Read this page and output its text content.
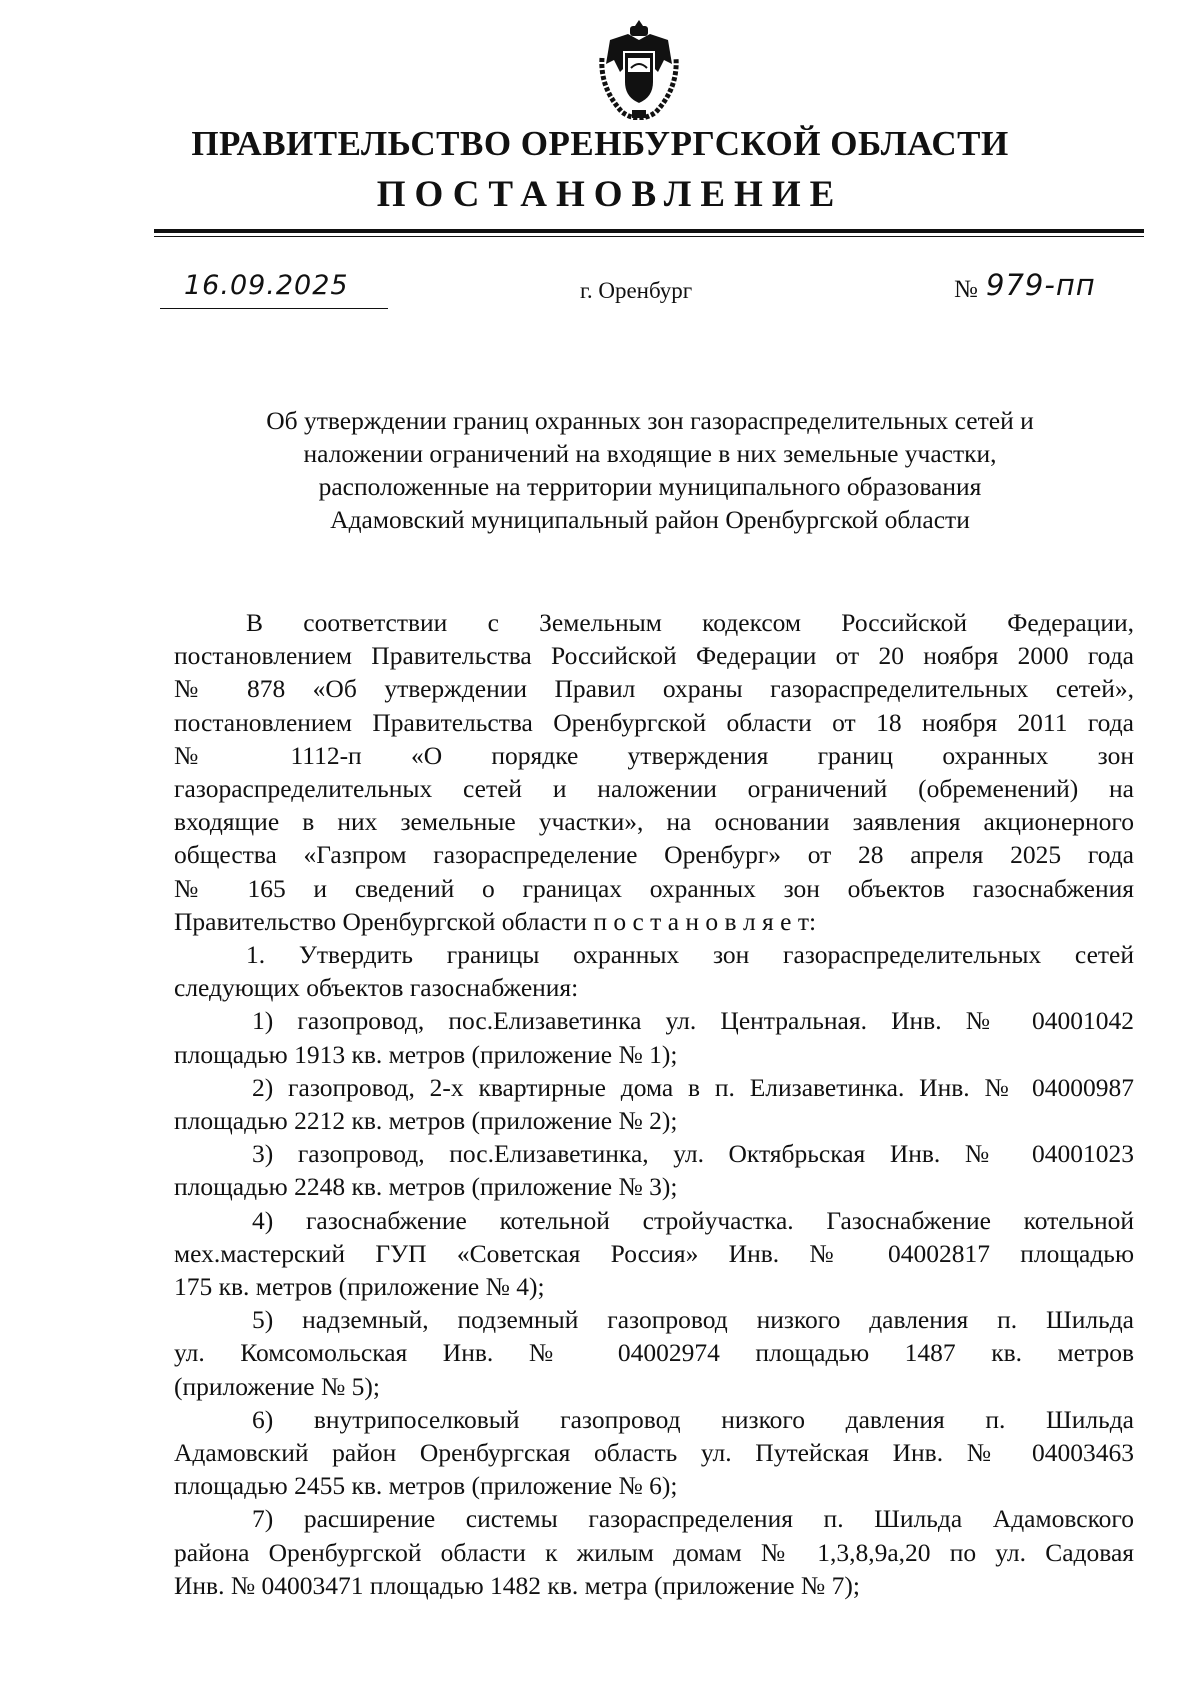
ПРАВИТЕЛЬСТВО ОРЕНБУРГСКОЙ ОБЛАСТИ
ПОСТАНОВЛЕНИЕ
16.09.2025	г. Оренбург	№ 979-пп
Об утверждении границ охранных зон газораспределительных сетей и
наложении ограничений на входящие в них земельные участки,
расположенные на территории муниципального образования
Адамовский муниципальный район Оренбургской области
В соответствии с Земельным кодексом Российской Федерации,
постановлением Правительства Российской Федерации от 20 ноября 2000 года
№ 878 «Об утверждении Правил охраны газораспределительных сетей»,
постановлением Правительства Оренбургской области от 18 ноября 2011 года
№ 1112-п «О порядке утверждения границ охранных зон
газораспределительных сетей и наложении ограничений (обременений) на
входящие в них земельные участки», на основании заявления акционерного
общества «Газпром газораспределение Оренбург» от 28 апреля 2025 года
№ 165 и сведений о границах охранных зон объектов газоснабжения
Правительство Оренбургской области п о с т а н о в л я е т:
1. Утвердить границы охранных зон газораспределительных сетей
следующих объектов газоснабжения:
1) газопровод, пос.Елизаветинка ул. Центральная. Инв. № 04001042
площадью 1913 кв. метров (приложение № 1);
2) газопровод, 2-х квартирные дома в п. Елизаветинка. Инв. № 04000987
площадью 2212 кв. метров (приложение № 2);
3) газопровод, пос.Елизаветинка, ул. Октябрьская Инв. № 04001023
площадью 2248 кв. метров (приложение № 3);
4) газоснабжение котельной стройучастка. Газоснабжение котельной
мех.мастерский ГУП «Советская Россия» Инв. № 04002817 площадью
175 кв. метров (приложение № 4);
5) надземный, подземный газопровод низкого давления п. Шильда
ул. Комсомольская Инв. № 04002974 площадью 1487 кв. метров
(приложение № 5);
6) внутрипоселковый газопровод низкого давления п. Шильда
Адамовский район Оренбургская область ул. Путейская Инв. № 04003463
площадью 2455 кв. метров (приложение № 6);
7) расширение системы газораспределения п. Шильда Адамовского
района Оренбургской области к жилым домам № 1,3,8,9а,20 по ул. Садовая
Инв. № 04003471 площадью 1482 кв. метра (приложение № 7);
